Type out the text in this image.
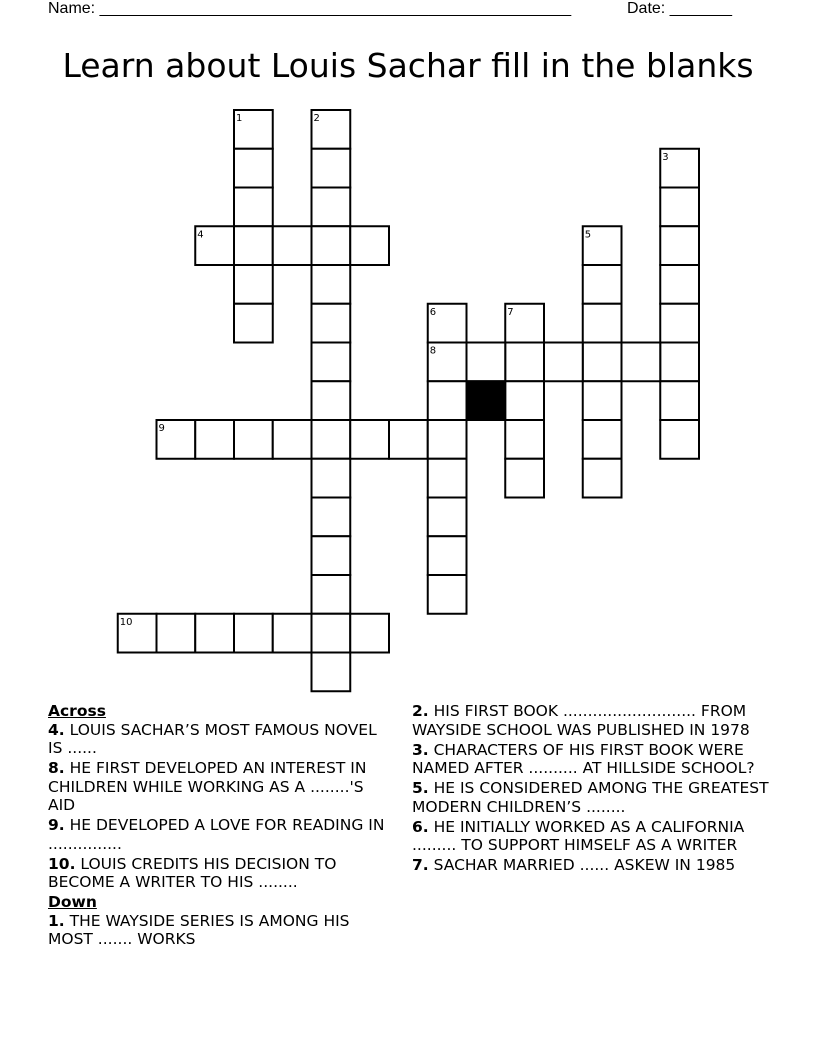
Name: _____________________________________________________	Date: _______
Learn about Louis Sachar fill in the blanks
1	2
3
4	5
6	7
8
9
10
Across
4. LOUIS SACHAR’S MOST FAMOUS NOVEL IS ......
8. HE FIRST DEVELOPED AN INTEREST IN CHILDREN WHILE WORKING AS A ........'S AID
9. HE DEVELOPED A LOVE FOR READING IN ...............
10. LOUIS CREDITS HIS DECISION TO BECOME A WRITER TO HIS ........
Down
1. THE WAYSIDE SERIES IS AMONG HIS MOST ....... WORKS
2. HIS FIRST BOOK ........................... FROM WAYSIDE SCHOOL WAS PUBLISHED IN 1978
3. CHARACTERS OF HIS FIRST BOOK WERE NAMED AFTER .......... AT HILLSIDE SCHOOL?
5. HE IS CONSIDERED AMONG THE GREATEST MODERN CHILDREN’S ........
6. HE INITIALLY WORKED AS A CALIFORNIA ......... TO SUPPORT HIMSELF AS A WRITER
7. SACHAR MARRIED ...... ASKEW IN 1985
